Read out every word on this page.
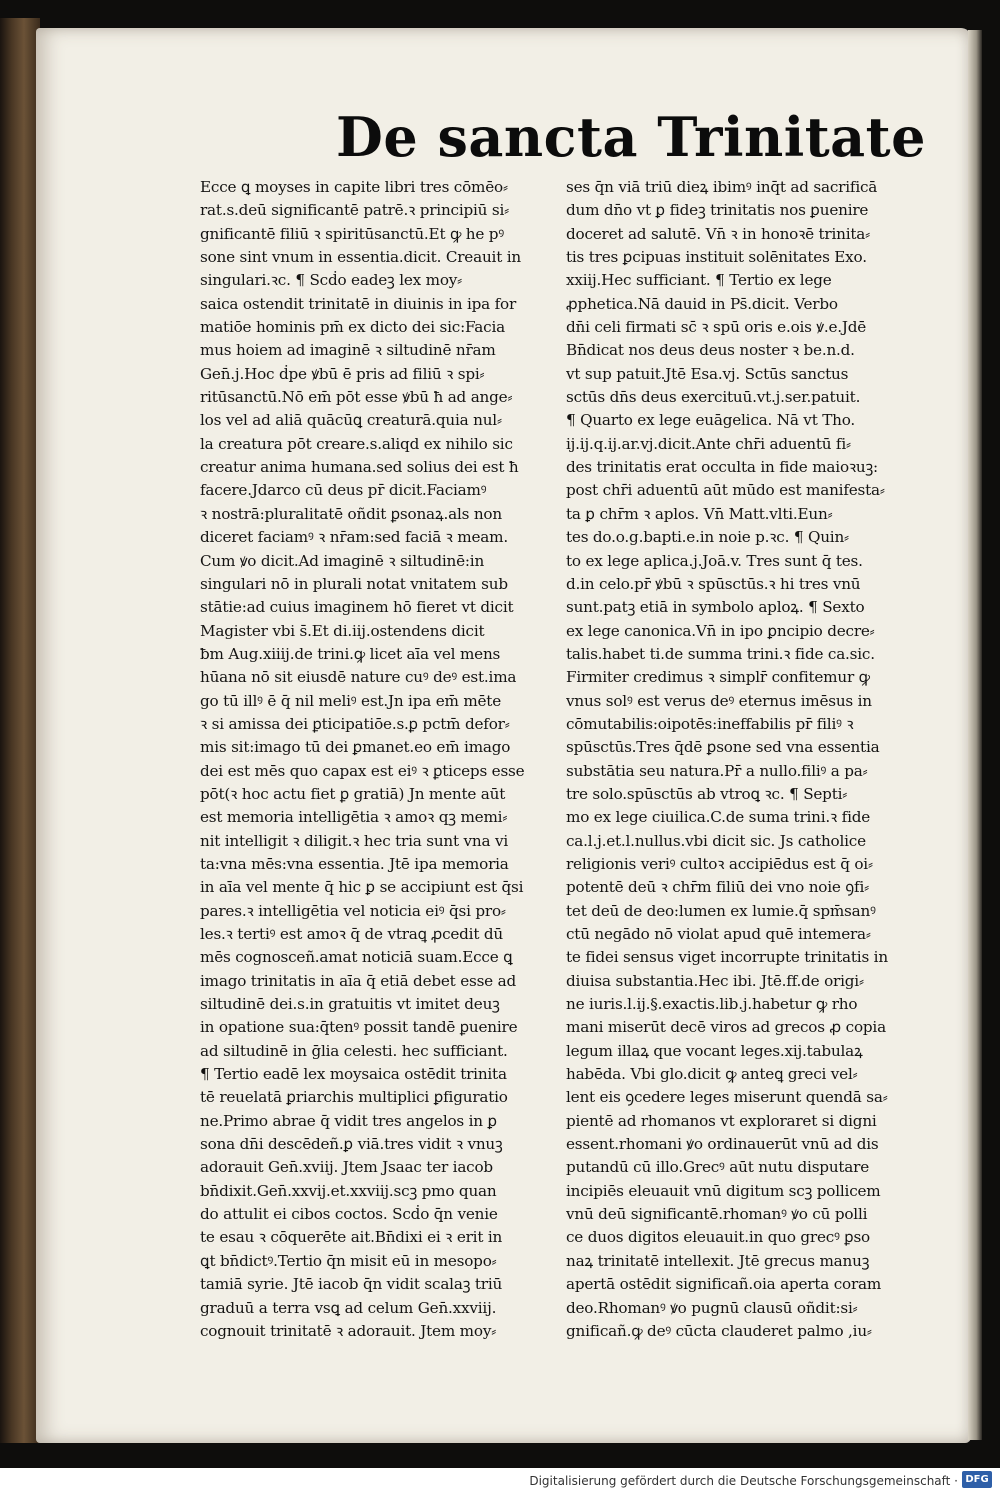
De sancta Trinitate
Ecce ꝗ moyses in capite libri tres cōmēo⸗
rat.s.deū significantē patrē.ꝛ principiū si⸗
gnificantē filiū ꝛ spiritūsanctū.Et ꝙ he pꝰ
sone sint vnum in essentia.dicit. Creauit in
singulari.ꝛc. ¶ Scḋo eadeꝫ lex moy⸗
saica ostendit trinitatē in diuinis in ipa for
matiōe hominis pm̄ ex dicto dei sic:Facia
mus hoiem ad imaginē ꝛ siltudinē nr̄am
Gen̄.j.Hoc ḋpe ꝟbū ē pris ad filiū ꝛ spi⸗
ritūsanctū.Nō em̄ pōt esse ꝟbū ħ ad ange⸗
los vel ad aliā quācūꝗ creaturā.quia nul⸗
la creatura pōt creare.s.aliqd ex nihilo sic
creatur anima humana.sed solius dei est ħ
facere.Jdarco cū deus pr̄ dicit.Faciamꝰ
ꝛ nostrā:pluralitatē oñdit ꝑsonaꝝ.als non
diceret faciamꝰ ꝛ nr̄am:sed faciā ꝛ meam.
Cum ꝟo dicit.Ad imaginē ꝛ siltudinē:in
singulari nō in plurali notat vnitatem sub
stātie:ad cuius imaginem hō fieret vt dicit
Magister vbi s̄.Et di.iij.ostendens dicit
ƀm Aug.xiiij.de trini.ꝙ licet aīa vel mens
hūana nō sit eiusdē nature cuꝰ deꝰ est.ima
go tū illꝰ ē q̄ nil meliꝰ est.Jn ipa em̄ mēte
ꝛ si amissa dei ꝑticipatiōe.s.ꝑ pctm̄ defor⸗
mis sit:imago tū dei ꝑmanet.eo em̄ imago
dei est mēs quo capax est eiꝰ ꝛ ꝑticeps esse
pōt(ꝛ hoc actu fiet ꝑ gratiā) Jn mente aūt
est memoria intelligētia ꝛ amoꝛ qꝫ memi⸗
nit intelligit ꝛ diligit.ꝛ hec tria sunt vna vi
ta:vna mēs:vna essentia. Jtē ipa memoria
in aīa vel mente q̄ hic ꝑ se accipiunt est q̄si
pares.ꝛ intelligētia vel noticia eiꝰ q̄si pro⸗
les.ꝛ tertiꝰ est amoꝛ q̄ de vtraꝗ ꝓcedit dū
mēs cognosceñ.amat noticiā suam.Ecce ꝗ
imago trinitatis in aīa q̄ etiā debet esse ad
siltudinē dei.s.in gratuitis vt imitet deuꝫ
in opatione sua:q̄tenꝰ possit tandē ꝑuenire
ad siltudinē in ḡlia celesti. hec sufficiant.
¶ Tertio eadē lex moysaica ostēdit trinita
tē reuelatā ꝑriarchis multiplici ꝑfiguratio
ne.Primo abrae q̄ vidit tres angelos in ꝑ
sona dn̄i descēdeñ.ꝑ viā.tres vidit ꝛ vnuꝫ
adorauit Gen̄.xviij. Jtem Jsaac ter iacob
bn̄dixit.Gen̄.xxvij.et.xxviij.scꝫ pmo quan
do attulit ei cibos coctos. Scḋo q̄n venie
te esau ꝛ cōquerēte ait.Bn̄dixi ei ꝛ erit in
ꝗt bn̄dictꝰ.Tertio q̄n misit eū in mesopo⸗
tamiā syrie. Jtē iacob q̄n vidit scalaꝫ triū
graduū a terra vsꝗ ad celum Gen̄.xxviij.
cognouit trinitatē ꝛ adorauit. Jtem moy⸗
ses q̄n viā triū dieꝝ ibimꝰ inq̄t ad sacrificā
dum dn̄o vt ꝑ fideꝫ trinitatis nos ꝑuenire
doceret ad salutē. Vn̄ ꝛ in honoꝛē trinita⸗
tis tres ꝑcipuas instituit solēnitates Exo.
xxiij.Hec sufficiant. ¶ Tertio ex lege
ꝓphetica.Nā dauid in Ps̄.dicit. Verbo
dn̄i celi firmati sc̄ ꝛ spū oris e.ois ꝟ.e.Jdē
Bn̄dicat nos deus deus noster ꝛ be.n.d.
vt sup patuit.Jtē Esa.vj. Sctūs sanctus
sctūs dn̄s deus exercituū.vt.j.ser.patuit.
¶ Quarto ex lege euāgelica. Nā vt Tho.
ij.ij.q.ij.ar.vj.dicit.Ante chr̄i aduentū fi⸗
des trinitatis erat occulta in fide maioꝛuꝫ:
post chr̄i aduentū aūt mūdo est manifesta⸗
ta ꝑ chr̄m ꝛ aplos. Vn̄ Matt.vlti.Eun⸗
tes do.o.g.bapti.e.in noie p.ꝛc. ¶ Quin⸗
to ex lege aplica.j.Joā.v. Tres sunt q̄ tes.
d.in celo.pr̄ ꝟbū ꝛ spūsctūs.ꝛ hi tres vnū
sunt.patꝫ etiā in symbolo aploꝝ. ¶ Sexto
ex lege canonica.Vn̄ in ipo ꝑncipio decre⸗
talis.habet ti.de summa trini.ꝛ fide ca.sic.
Firmiter credimus ꝛ simplr̄ confitemur ꝙ
vnus solꝰ est verus deꝰ eternus imēsus in
cōmutabilis:oipotēs:ineffabilis pr̄ filiꝰ ꝛ
spūsctūs.Tres q̄dē ꝑsone sed vna essentia
substātia seu natura.Pr̄ a nullo.filiꝰ a pa⸗
tre solo.spūsctūs ab vtroꝗ ꝛc. ¶ Septi⸗
mo ex lege ciuilica.C.de suma trini.ꝛ fide
ca.l.j.et.l.nullus.vbi dicit sic. Js catholice
religionis veriꝰ cultoꝛ accipiēdus est q̄ oi⸗
potentē deū ꝛ chr̄m filiū dei vno noie ꝯfi⸗
tet deū de deo:lumen ex lumie.q̄ spm̄sanꝰ
ctū negādo nō violat apud quē intemera⸗
te fidei sensus viget incorrupte trinitatis in
diuisa substantia.Hec ibi. Jtē.ff.de origi⸗
ne iuris.l.ij.§.exactis.lib.j.habetur ꝙ rho
mani miserūt decē viros ad grecos ꝓ copia
legum illaꝝ que vocant leges.xij.tabulaꝝ
habēda. Vbi glo.dicit ꝙ anteꝗ greci vel⸗
lent eis ꝯcedere leges miserunt quendā sa⸗
pientē ad rhomanos vt exploraret si digni
essent.rhomani ꝟo ordinauerūt vnū ad dis
putandū cū illo.Grecꝰ aūt nutu disputare
incipiēs eleuauit vnū digitum scꝫ pollicem
vnū deū significantē.rhomanꝰ ꝟo cū polli
ce duos digitos eleuauit.in quo grecꝰ ꝑso
naꝝ trinitatē intellexit. Jtē grecus manuꝫ
apertā ostēdit significañ.oia aperta coram
deo.Rhomanꝰ ꝟo pugnū clausū oñdit:si⸗
gnificañ.ꝙ deꝰ cūcta clauderet palmo ,iu⸗
Digitalisierung gefördert durch die Deutsche Forschungsgemeinschaft · DFG
